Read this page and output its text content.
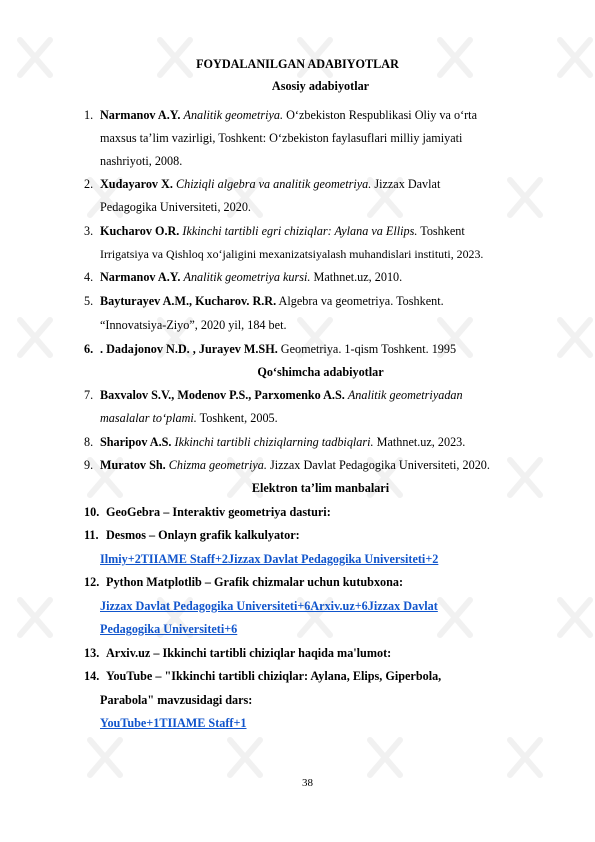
FOYDALANILGAN ADABIYOTLAR
Asosiy adabiyotlar
1. Narmanov A.Y. Analitik geometriya. O‘zbekiston Respublikasi Oliy va o‘rta
maxsus ta’lim vazirligi, Toshkent: O‘zbekiston faylasuflari milliy jamiyati
nashriyoti, 2008.
2. Xudayarov X. Chiziqli algebra va analitik geometriya. Jizzax Davlat
Pedagogika Universiteti, 2020.
3. Kucharov O.R. Ikkinchi tartibli egri chiziqlar: Aylana va Ellips. Toshkent
Irrigatsiya va Qishloq xo‘jaligini mexanizatsiyalash muhandislari instituti, 2023.
4. Narmanov A.Y. Analitik geometriya kursi. Mathnet.uz, 2010.
5. Bayturayev A.M., Kucharov. R.R. Algebra va geometriya. Toshkent.
“Innovatsiya-Ziyo”, 2020 yil, 184 bet.
6. . Dadajonov N.D. , Jurayev M.SH. Geometriya. 1-qism Toshkent. 1995
Qo‘shimcha adabiyotlar
7. Baxvalov S.V., Modenov P.S., Parxomenko A.S. Analitik geometriyadan
masalalar to‘plami. Toshkent, 2005.
8. Sharipov A.S. Ikkinchi tartibli chiziqlarning tadbiqlari. Mathnet.uz, 2023.
9. Muratov Sh. Chizma geometriya. Jizzax Davlat Pedagogika Universiteti, 2020.
Elektron ta’lim manbalari
10. GeoGebra – Interaktiv geometriya dasturi:
11. Desmos – Onlayn grafik kalkulyator:
Ilmiy+2TIIAME Staff+2Jizzax Davlat Pedagogika Universiteti+2
12. Python Matplotlib – Grafik chizmalar uchun kutubxona:
Jizzax Davlat Pedagogika Universiteti+6Arxiv.uz+6Jizzax Davlat
Pedagogika Universiteti+6
13. Arxiv.uz – Ikkinchi tartibli chiziqlar haqida ma'lumot:
14. YouTube – "Ikkinchi tartibli chiziqlar: Aylana, Elips, Giperbola,
Parabola" mavzusidagi dars:
YouTube+1TIIAME Staff+1
38
